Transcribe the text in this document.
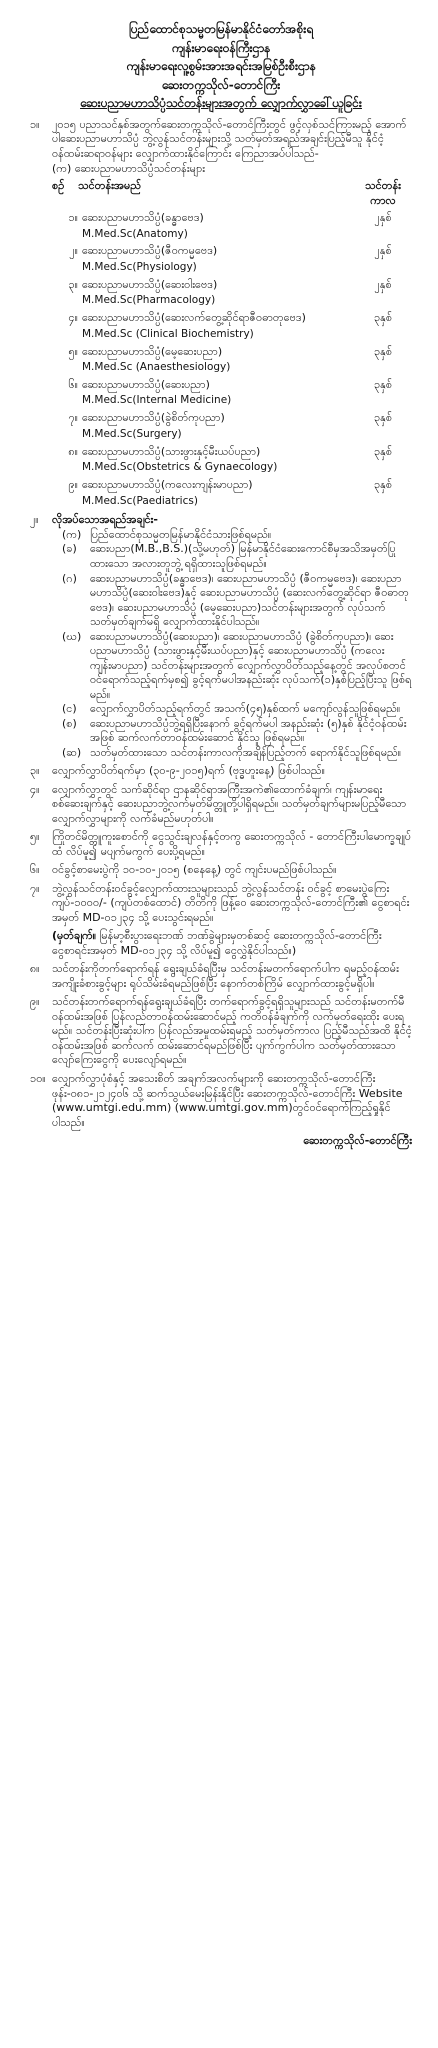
ပြည်ထောင်စုသမ္မတမြန်မာနိုင်ငံတော်အစိုးရ
ကျန်းမာရေးဝန်ကြီးဌာန
ကျန်းမာရေးလူ့စွမ်းအားအရင်းအမြစ်ဦးစီးဌာန
ဆေးတက္ကသိုလ်-တောင်ကြီး
ဆေးပညာမဟာသိပ္ပံသင်တန်းများအတွက် လျှောက်လွှာခေါ်ယူခြင်း
၁။	၂၀၁၅ ပညာသင်နှစ်အတွက်ဆေးတက္ကသိုလ်-တောင်ကြီးတွင် ဖွင့်လှစ်သင်ကြားမည့် အောက်ပါဆေးပညာမဟာသိပ္ပံ ဘွဲ့လွန်သင်တန်းများသို့ သတ်မှတ်အရည်အချင်းပြည့်မီသူ နိုင်ငံ့ဝန်ထမ်းဆရာဝန်များ လျှောက်ထားနိုင်ကြောင်း ကြေညာအပ်ပါသည်-

(က) ဆေးပညာမဟာသိပ္ပံသင်တန်းများ

စဉ်	သင်တန်းအမည်	သင်တန်းကာလ
၁။ ဆေးပညာမဟာသိပ္ပံ(ခန္ဓာဗေဒ)
M.Med.Sc(Anatomy)
၂နှစ်
၂။ ဆေးပညာမဟာသိပ္ပံ(ဇီဝကမ္မဗေဒ)
M.Med.Sc(Physiology)
၂နှစ်
၃။ ဆေးပညာမဟာသိပ္ပံ(ဆေးဝါးဗေဒ)
M.Med.Sc(Pharmacology)
၂နှစ်
၄။ ဆေးပညာမဟာသိပ္ပံ(ဆေးလက်တွေ့ဆိုင်ရာဇီဝဓာတုဗေဒ)
M.Med.Sc (Clinical Biochemistry)
၃နှစ်
၅။ ဆေးပညာမဟာသိပ္ပံ(မေ့ဆေးပညာ)
M.Med.Sc (Anaesthesiology)
၃နှစ်
၆။ ဆေးပညာမဟာသိပ္ပံ(ဆေးပညာ)
M.Med.Sc(Internal Medicine)
၃နှစ်
၇။ ဆေးပညာမဟာသိပ္ပံ(ခွဲစိတ်ကုပညာ)
M.Med.Sc(Surgery)
၃နှစ်
၈။ ဆေးပညာမဟာသိပ္ပံ(သားဖွားနှင့်မီးယပ်ပညာ)
M.Med.Sc(Obstetrics & Gynaecology)
၃နှစ်
၉။ ဆေးပညာမဟာသိပ္ပံ(ကလေးကျန်းမာပညာ)
M.Med.Sc(Paediatrics)
၃နှစ်
၂။	လိုအပ်သောအရည်အချင်း-

(က) ပြည်ထောင်စုသမ္မတမြန်မာနိုင်ငံသားဖြစ်ရမည်။
(ခ)	ဆေးပညာ(M.B.,B.S.)(သို့မဟုတ်) မြန်မာနိုင်ငံဆေးကောင်စီမှအသိအမှတ်ပြုထားသော အလားတူဘွဲ့ ရရှိထားသူဖြစ်ရမည်။
(ဂ)	ဆေးပညာမဟာသိပ္ပံ(ခန္ဓာဗေဒ)၊ ဆေးပညာမဟာသိပ္ပံ (ဇီဝကမ္မဗေဒ)၊ ဆေးပညာမဟာသိပ္ပံ(ဆေးဝါးဗေဒ)နှင့် ဆေးပညာမဟာသိပ္ပံ (ဆေးလက်တွေ့ဆိုင်ရာ ဇီဝဓာတုဗေဒ)၊ ဆေးပညာမဟာသိပ္ပံ (မေ့ဆေးပညာ)သင်တန်းများအတွက် လုပ်သက်သတ်မှတ်ချက်မရှိ လျှောက်ထားနိုင်ပါသည်။
(ဃ) ဆေးပညာမဟာသိပ္ပံ(ဆေးပညာ)၊ ဆေးပညာမဟာသိပ္ပံ (ခွဲစိတ်ကုပညာ)၊ ဆေးပညာမဟာသိပ္ပံ (သားဖွားနှင့်မီးယပ်ပညာ)နှင့် ဆေးပညာမဟာသိပ္ပံ (ကလေးကျန်းမာပညာ) သင်တန်းများအတွက် လျှောက်လွှာပိတ်သည့်နေ့တွင် အလုပ်စတင်ဝင်ရောက်သည့်ရက်မှစ၍ ခွင့်ရက်မပါအနည်းဆုံး လုပ်သက်(၁)နှစ်ပြည့်ပြီးသူ ဖြစ်ရမည်။
(င)	လျှောက်လွှာပိတ်သည့်ရက်တွင် အသက်(၄၅)နှစ်ထက် မကျော်လွန်သူဖြစ်ရမည်။
(စ)	ဆေးပညာမဟာသိပ္ပံဘွဲ့ရရှိပြီးနောက် ခွင့်ရက်မပါ အနည်းဆုံး (၅)နှစ် နိုင်ငံ့ဝန်ထမ်းအဖြစ် ဆက်လက်တာဝန်ထမ်းဆောင် နိုင်သူ ဖြစ်ရမည်။
(ဆ) သတ်မှတ်ထားသော သင်တန်းကာလကိုအချိန်ပြည့်တက် ရောက်နိုင်သူဖြစ်ရမည်။
၃။	လျှောက်လွှာပိတ်ရက်မှာ (၃၀-၉-၂၀၁၅)ရက် (ဗုဒ္ဓဟူးနေ့) ဖြစ်ပါသည်။

၄။	လျှောက်လွှာတွင် သက်ဆိုင်ရာ ဌာနဆိုင်ရာအကြီးအကဲ၏ထောက်ခံချက်၊ ကျန်းမာရေးစစ်ဆေးချက်နှင့် ဆေးပညာဘွဲ့လက်မှတ်မိတ္တူတို့ပါရှိရမည်။ သတ်မှတ်ချက်များမပြည့်မီသော လျှောက်လွှာများကို လက်ခံမည်မဟုတ်ပါ။

၅။	ကြိုတင်မိတ္တူကူးစောင်ကို ငွေသွင်းချလန်နှင့်တကွ ဆေးတက္ကသိုလ် - တောင်ကြီးပါမောက္ခချုပ်ထံ လိပ်မူ၍ မပျက်မကွက် ပေးပို့ရမည်။

၆။	ဝင်ခွင့်စာမေးပွဲကို ၁၀-၁၀-၂၀၁၅ (စနေနေ့) တွင် ကျင်းပမည်ဖြစ်ပါသည်။

၇။	ဘွဲ့လွန်သင်တန်းဝင်ခွင့်လျှောက်ထားသူများသည် ဘွဲ့လွန်သင်တန်း ဝင်ခွင့် စာမေးပွဲကြေး ကျပ်-၁၀၀၀/- (ကျပ်တစ်ထောင်) တိတိကို ဖြန့်ဝေ ဆေးတက္ကသိုလ်-တောင်ကြီး၏ ငွေစာရင်းအမှတ် MD-၀၁၂၃၄ သို့ ပေးသွင်းရမည်။

(မှတ်ချက်။ မြန်မာ့စီးပွားရေးဘဏ် ဘဏ်ခွဲများမှတစ်ဆင့် ဆေးတက္ကသိုလ်-တောင်ကြီး ငွေစာရင်းအမှတ် MD-၀၁၂၃၄ သို့ လိပ်မူ၍ ငွေလွှဲနိုင်ပါသည်။)

၈။	သင်တန်းကိုတက်ရောက်ရန် ရွေးချယ်ခံရပြီးမှ သင်တန်းမတက်ရောက်ပါက ရမည့်ဝန်ထမ်း အကျိုးခံစားခွင့်များ ရုပ်သိမ်းခံရမည်ဖြစ်ပြီး နောက်တစ်ကြိမ် လျှောက်ထားခွင့်မရှိပါ။

၉။	သင်တန်းတက်ရောက်ရန်ရွေးချယ်ခံရပြီး တက်ရောက်ခွင့်ရရှိသူများသည် သင်တန်းမတက်မီ ဝန်ထမ်းအဖြစ် ပြန်လည်တာဝန်ထမ်းဆောင်မည့် ကတိဝန်ခံချက်ကို လက်မှတ်ရေးထိုး ပေးရမည်။ သင်တန်းပြီးဆုံးပါက ပြန်လည်အမှုထမ်းရမည့် သတ်မှတ်ကာလ ပြည့်မီသည်အထိ နိုင်ငံ့ဝန်ထမ်းအဖြစ် ဆက်လက် ထမ်းဆောင်ရမည်ဖြစ်ပြီး ပျက်ကွက်ပါက သတ်မှတ်ထားသော လျော်ကြေးငွေကို ပေးလျော်ရမည်။

၁၀။ လျှောက်လွှာပုံစံနှင့် အသေးစိတ် အချက်အလက်များကို ဆေးတက္ကသိုလ်-တောင်ကြီး ဖုန်း-၀၈၁-၂၁၂၄၀၆ သို့ ဆက်သွယ်မေးမြန်းနိုင်ပြီး ဆေးတက္ကသိုလ်-တောင်ကြီး Website (www.umtgi.edu.mm) (www.umtgi.gov.mm)တွင်ဝင်ရောက်ကြည့်ရှုနိုင်ပါသည်။

ဆေးတက္ကသိုလ်-တောင်ကြီး
